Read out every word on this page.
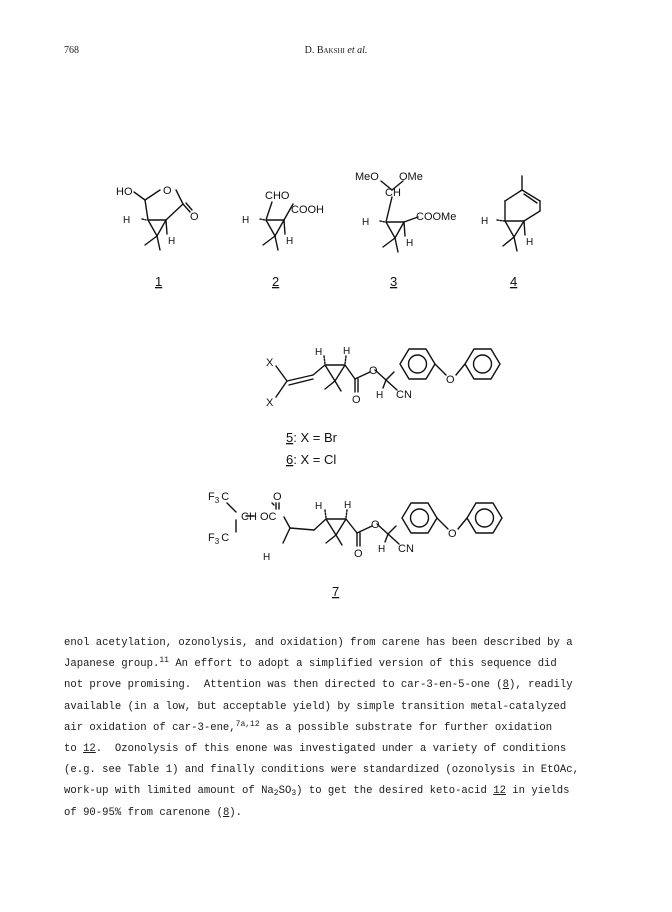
768	D. Bakshi et al.
HO	O
O
H
H
1
CHO
COOH
H
H
2
MeO OMe
CH
COOMe
H
H
3
H
H
4
X
X
H H
O
O H CN
O
5: X = Br
6: X = Cl
$F_3$ C
CH OC
O
$F_3$ C
H
H H
O
O H CN
O
7
enol acetylation, ozonolysis, and oxidation) from carene has been described by a
Japanese group.$^{11}$ An effort to adopt a simplified version of this sequence did
not prove promising.  Attention was then directed to car-3-en-5-one (8), readily
available (in a low, but acceptable yield) by simple transition metal-catalyzed
air oxidation of car-3-ene,$^{7a,12}$ as a possible substrate for further oxidation
to 12.  Ozonolysis of this enone was investigated under a variety of conditions
(e.g. see Table 1) and finally conditions were standardized (ozonolysis in EtOAc,
work-up with limited amount of $Na_2SO_3$) to get the desired keto-acid 12 in yields
of 90-95% from carenone (8).
